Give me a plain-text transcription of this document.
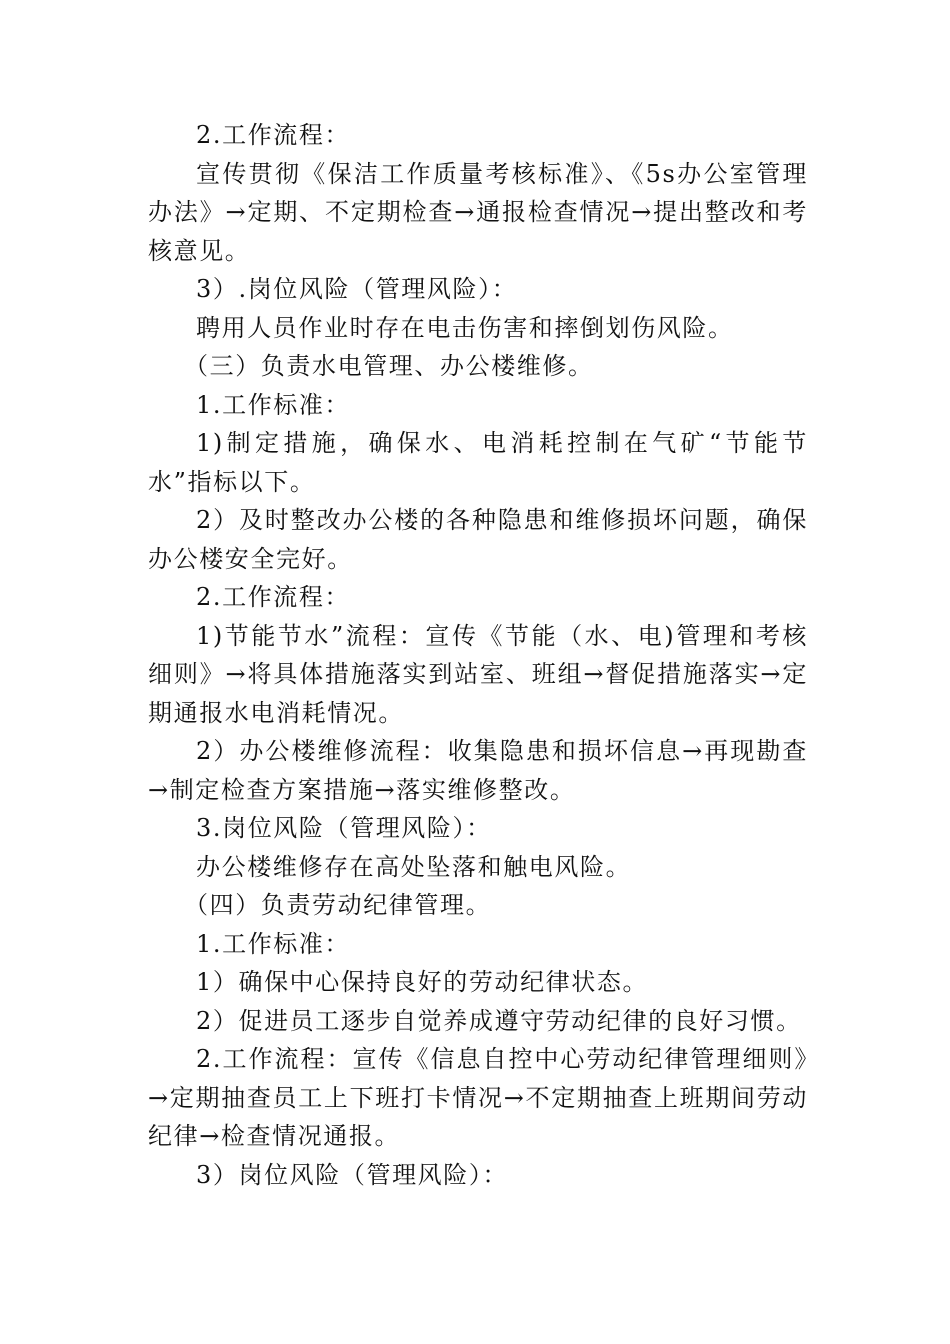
2.工作流程：

宣传贯彻《保洁工作质量考核标准》、《5s办公室管理办法》→定期、不定期检查→通报检查情况→提出整改和考核意见。

3）.岗位风险（管理风险）：

聘用人员作业时存在电击伤害和摔倒划伤风险。

（三）负责水电管理、办公楼维修。

1.工作标准：

1)制定措施，确保水、电消耗控制在气矿“节能节水”指标以下。

2）及时整改办公楼的各种隐患和维修损坏问题，确保办公楼安全完好。

2.工作流程：

1)节能节水”流程：宣传《节能（水、电)管理和考核细则》→将具体措施落实到站室、班组→督促措施落实→定期通报水电消耗情况。

2）办公楼维修流程：收集隐患和损坏信息→再现勘查→制定检查方案措施→落实维修整改。

3.岗位风险（管理风险）：

办公楼维修存在高处坠落和触电风险。

（四）负责劳动纪律管理。

1.工作标准：

1）确保中心保持良好的劳动纪律状态。

2）促进员工逐步自觉养成遵守劳动纪律的良好习惯。

2.工作流程：宣传《信息自控中心劳动纪律管理细则》→定期抽查员工上下班打卡情况→不定期抽查上班期间劳动纪律→检查情况通报。

3）岗位风险（管理风险）：
